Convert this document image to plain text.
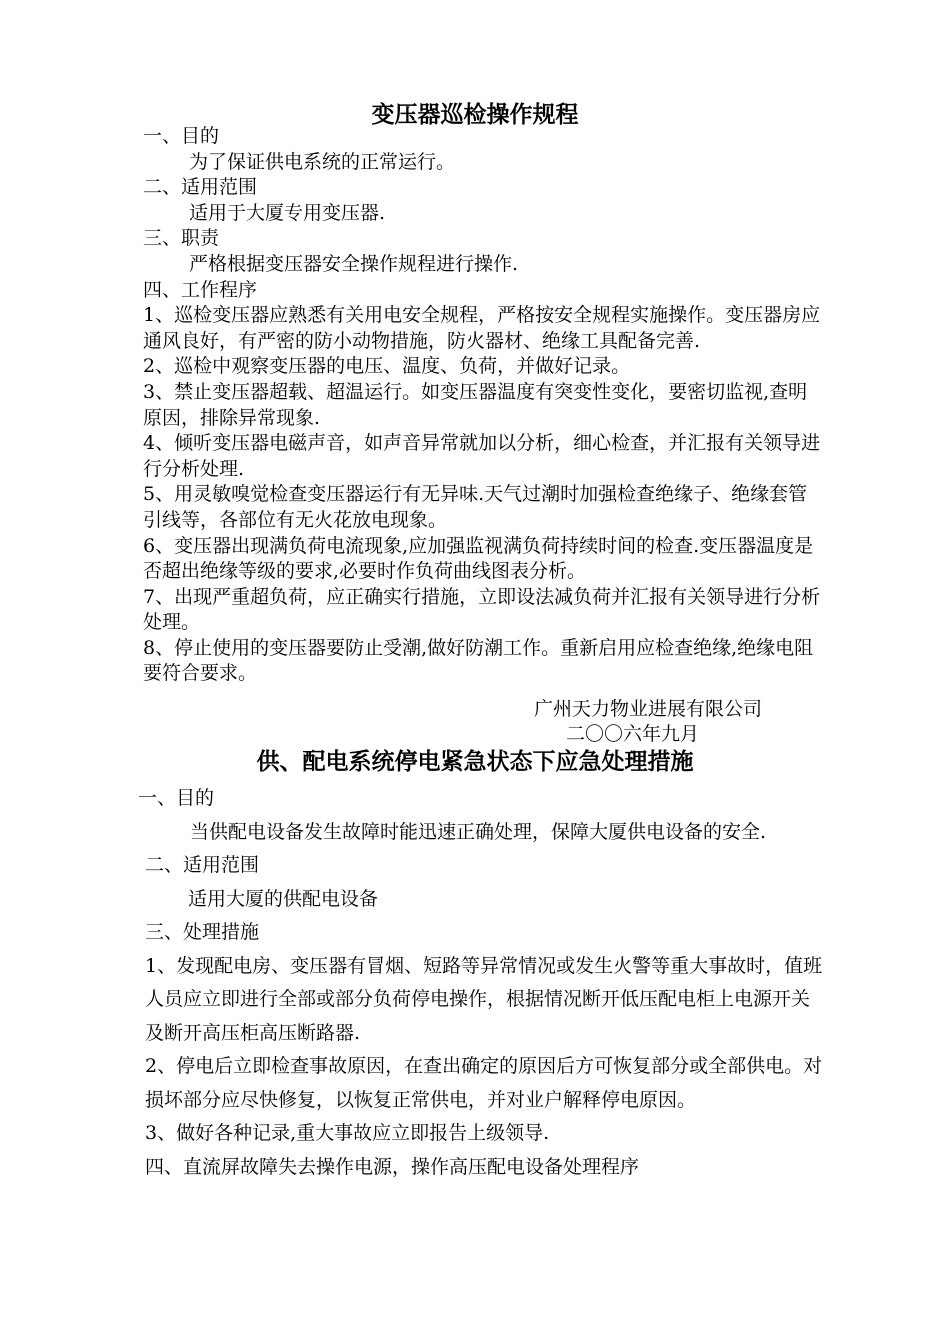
变压器巡检操作规程

一、目的

为了保证供电系统的正常运行。

二、适用范围

适用于大厦专用变压器.

三、职责

严格根据变压器安全操作规程进行操作.

四、工作程序

1、巡检变压器应熟悉有关用电安全规程，严格按安全规程实施操作。变压器房应通风良好，有严密的防小动物措施，防火器材、绝缘工具配备完善.

2、巡检中观察变压器的电压、温度、负荷，并做好记录。

3、禁止变压器超载、超温运行。如变压器温度有突变性变化，要密切监视,查明原因，排除异常现象.

4、倾听变压器电磁声音，如声音异常就加以分析，细心检查，并汇报有关领导进行分析处理.

5、用灵敏嗅觉检查变压器运行有无异味.天气过潮时加强检查绝缘子、绝缘套管引线等，各部位有无火花放电现象。

6、变压器出现满负荷电流现象,应加强监视满负荷持续时间的检查.变压器温度是否超出绝缘等级的要求,必要时作负荷曲线图表分析。

7、出现严重超负荷，应正确实行措施，立即设法减负荷并汇报有关领导进行分析处理。

8、停止使用的变压器要防止受潮,做好防潮工作。重新启用应检查绝缘,绝缘电阻要符合要求。

广州天力物业进展有限公司
二〇〇六年九月
供、配电系统停电紧急状态下应急处理措施

一、目的

当供配电设备发生故障时能迅速正确处理，保障大厦供电设备的安全.

二、适用范围

适用大厦的供配电设备

三、处理措施

1、发现配电房、变压器有冒烟、短路等异常情况或发生火警等重大事故时，值班人员应立即进行全部或部分负荷停电操作，根据情况断开低压配电柜上电源开关及断开高压柜高压断路器.

2、停电后立即检查事故原因，在查出确定的原因后方可恢复部分或全部供电。对损坏部分应尽快修复，以恢复正常供电，并对业户解释停电原因。

3、做好各种记录,重大事故应立即报告上级领导.

四、直流屏故障失去操作电源，操作高压配电设备处理程序
